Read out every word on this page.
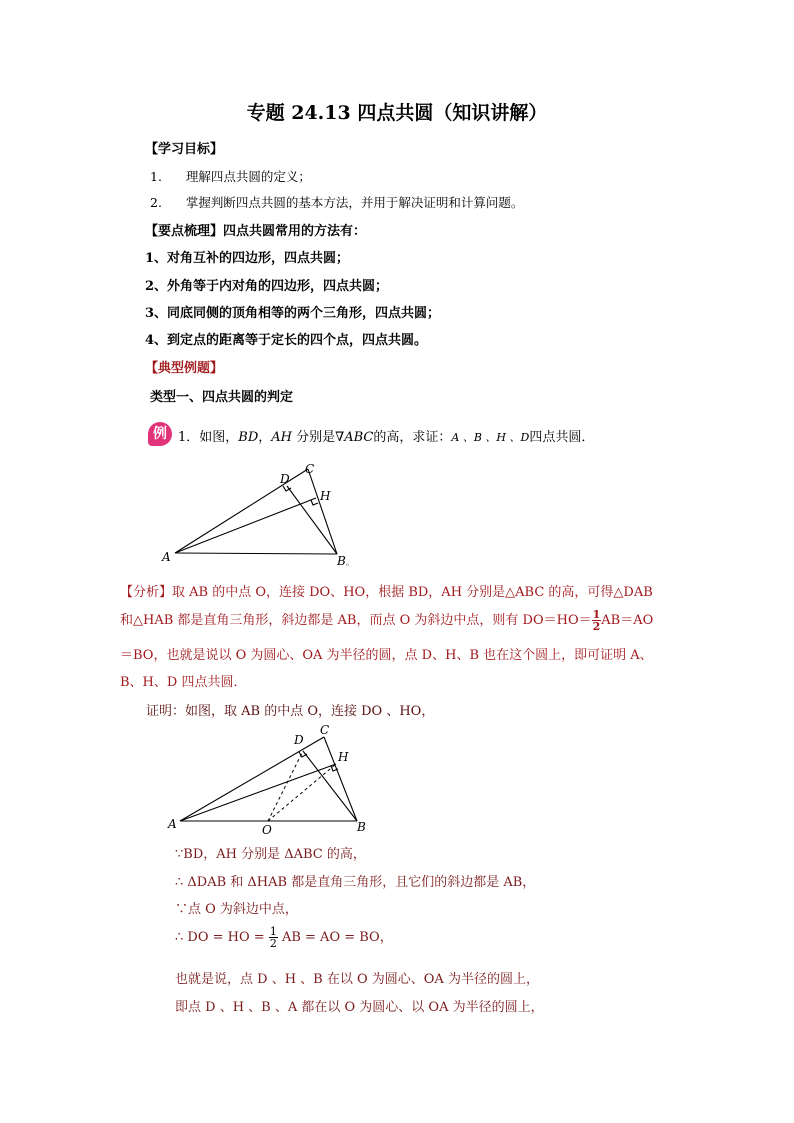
专题 24.13 四点共圆（知识讲解）
【学习目标】
1. 理解四点共圆的定义；
2. 掌握判断四点共圆的基本方法，并用于解决证明和计算问题。
【要点梳理】四点共圆常用的方法有：
1、对角互补的四边形，四点共圆；
2、外角等于内对角的四边形，四点共圆；
3、同底同侧的顶角相等的两个三角形，四点共圆；
4、到定点的距离等于定长的四个点，四点共圆。
【典型例题】
类型一、四点共圆的判定
例 1．如图，BD，AH 分别是∇ABC的高，求证：A 、B 、H 、D四点共圆．
A	B 。
C
D
H
【分析】取 AB 的中点 O，连接 DO、HO，根据 BD，AH 分别是△ABC 的高，可得△DAB
和△HAB 都是直角三角形，斜边都是 AB，而点 O 为斜边中点，则有 $DO=HO= \frac{1}{2} AB=AO$
＝BO，也就是说以 O 为圆心、OA 为半径的圆，点 D、H、B 也在这个圆上，即可证明 A、
B、H、D 四点共圆．
证明：如图，取 AB 的中点 O，连接 DO 、HO，
A	B
C
D
H
O
∵BD，AH 分别是 ΔABC 的高，
∴ ΔDAB 和 ΔHAB 都是直角三角形，且它们的斜边都是 AB，
∵点 O 为斜边中点，
∴ DO = HO = $\frac{1}{2}$ AB = AO = BO，
也就是说，点 D 、H 、B 在以 O 为圆心、OA 为半径的圆上，
即点 D 、H 、B 、A 都在以 O 为圆心、以 OA 为半径的圆上，
